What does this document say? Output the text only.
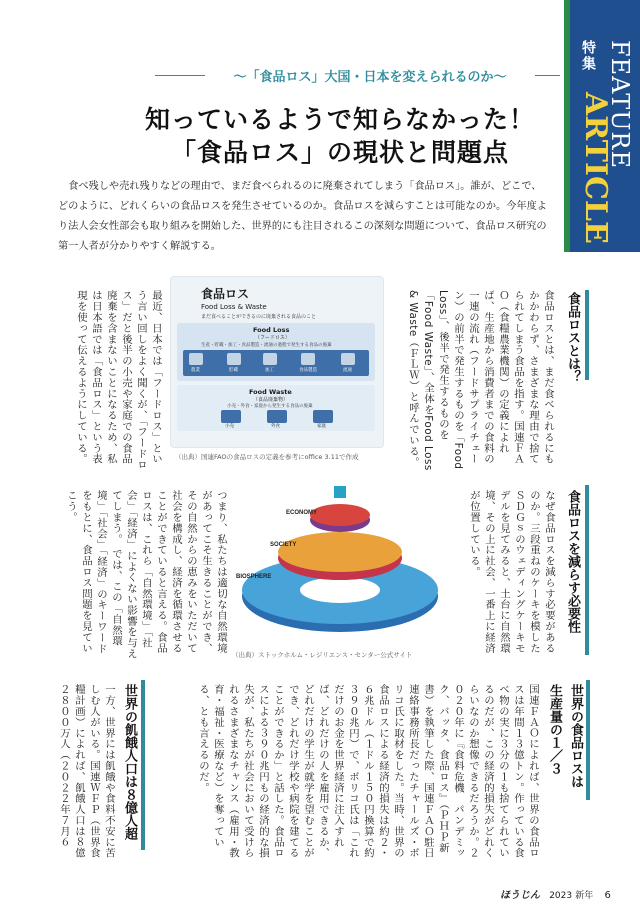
〜「食品ロス」大国・日本を変えられるのか〜
知っているようで知らなかった！
「食品ロス」の現状と問題点
食べ残しや売れ残りなどの理由で、まだ食べられるのに廃棄されてしまう「食品ロス」。誰が、どこで、どのように、どれくらいの食品ロスを発生させているのか。食品ロスを減らすことは可能なのか。今年度より法人会女性部会も取り組みを開始した、世界的にも注目されるこの深刻な問題について、食品ロス研究の第一人者が分かりやすく解説する。
特集 FEATURE
ARTICLE
食品ロスとは？
食品ロスとは、まだ食べられるにもかかわらず、さまざまな理由で捨てられてしまう食品を指す。国連ＦＡＯ（食糧農業機関）の定義によれば、生産地から消費者までの食料の一連の流れ（フードサプライチェーン）の前半で発生するものを「Food Loss」、後半で発生するものを「Food Waste」、全体をFood Loss & Waste（ＦＬＷ）と呼んでいる。
食品ロス
Food Loss & Waste
まだ食べることができるのに廃棄される食品のこと
Food Loss
（フードロス）
生産・貯蔵・加工・食品製造・流通の過程で発生する食品の廃棄
農業	貯蔵	加工	食品製造	流通
Food Waste
（食品廃棄物）
小売・外食・家庭から発生する食品の廃棄
小売	外食	家庭
（出典）国連FAOの食品ロスの定義を参考にoffice 3.11で作成
最近、日本では「フードロス」という言い回しをよく聞くが、「フードロス」だと後半の小売や家庭での食品廃棄を含まないことになるため、私は日本語では「食品ロス」という表現を使って伝えるようにしている。
食品ロスを減らす必要性
なぜ食品ロスを減らす必要があるのか。三段重ねのケーキを模したＳＤＧｓのウェディングケーキモデルを見てみると、土台に自然環境、その上に社会、一番上に経済が位置している。
ECONOMY
SOCIETY
BIOSPHERE
（出典）ストックホルム・レジリエンス・センター公式サイト
つまり、私たちは適切な自然環境があってこそ生きることができ、その自然からの恵みをいただいて社会を構成し、経済を循環させることができていると言える。食品ロスは、これら「自然環境」「社会」「経済」によくない影響を与えてしまう。 では、この「自然環境」「社会」「経済」のキーワードをもとに、食品ロス問題を見ていこう。
世界の食品ロスは
生産量の１／３
国連ＦＡＯによれば、世界の食品ロスは年間１３億トン。作っている食べ物の実に３分の１も捨てられているのだが、この経済的損失がどれくらいなのか想像できるだろうか。２０２０年に『食料危機　パンデミック、バッタ、食品ロス』（ＰＨＰ新書）を執筆した際、国連ＦＡＯ駐日連絡事務所長だったチャールズ・ボリコ氏に取材をした。当時、世界の食品ロスによる経済的損失は約２・６兆ドル（１ドル１５０円換算で約３９０兆円）で、ボリコ氏は「これだけのお金を世界経済に注入すれば、どれだけの人を雇用できるか、どれだけの学生が就学を望むことができ、どれだけ学校や病院を建てることができるか」と話した。食品ロスによる３９０兆円もの経済的な損失が、私たちが社会において受けられるさまざまなチャンス（雇用・教育・福祉・医療など）を奪っている、とも言えるのだ。
世界の飢餓人口は８億人超
一方、世界には飢餓や食料不安に苦しむ人がいる。国連ＷＦＰ（世界食糧計画）によれば、飢餓人口は８億２８００万人（２０２２年７月６
ほうじん 2023 新年 6
